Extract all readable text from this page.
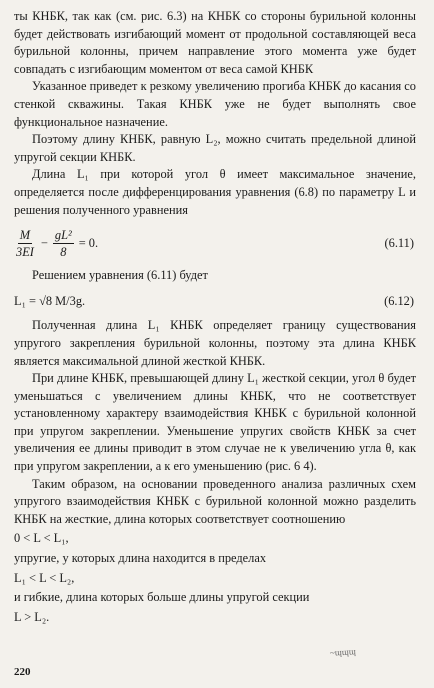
ты КНБК, так как (см. рис. 6.3) на КНБК со стороны бурильной колонны будет действовать изгибающий момент от продольной составляющей веса бурильной колонны, причем направление этого момента уже будет совпадать с изгибающим моментом от веса самой КНБК

Указанное приведет к резкому увеличению прогиба КНБК до касания со стенкой скважины. Такая КНБК уже не будет выполнять свое функциональное назначение.

Поэтому длину КНБК, равную L₂, можно считать предельной длиной упругой секции КНБК.

Длина L₁ при которой угол θ имеет максимальное значение, определяется после дифференцирования уравнения (6.8) по параметру L и решения полученного уравнения

$\frac{M}{3EI} - \frac{\text{gL²}}{8} = 0$.	(6.11)

Решением уравнения (6.11) будет

L₁ = √8 M/3g.	(6.12)

Полученная длина L₁ КНБК определяет границу существования упругого закрепления бурильной колонны, поэтому эта длина КНБК является максимальной длиной жесткой КНБК.

При длине КНБК, превышающей длину L₁ жесткой секции, угол θ будет уменьшаться с увеличением длины КНБК, что не соответствует установленному характеру взаимодействия КНБК с бурильной колонной при упругом закреплении. Уменьшение упругих свойств КНБК за счет увеличения ее длины приводит в этом случае не к увеличению угла θ, как при упругом закреплении, а к его уменьшению (рис. 6 4).

Таким образом, на основании проведенного анализа различных схем упругого взаимодействия КНБК с бурильной колонной можно разделить КНБК на жесткие, длина которых соответствует соотношению

0 < L < L₁,

упругие, у которых длина находится в пределах

L₁ < L < L₂,

и гибкие, длина которых больше длины упругой секции

L > L₂.

~ɰɰɰ
220
